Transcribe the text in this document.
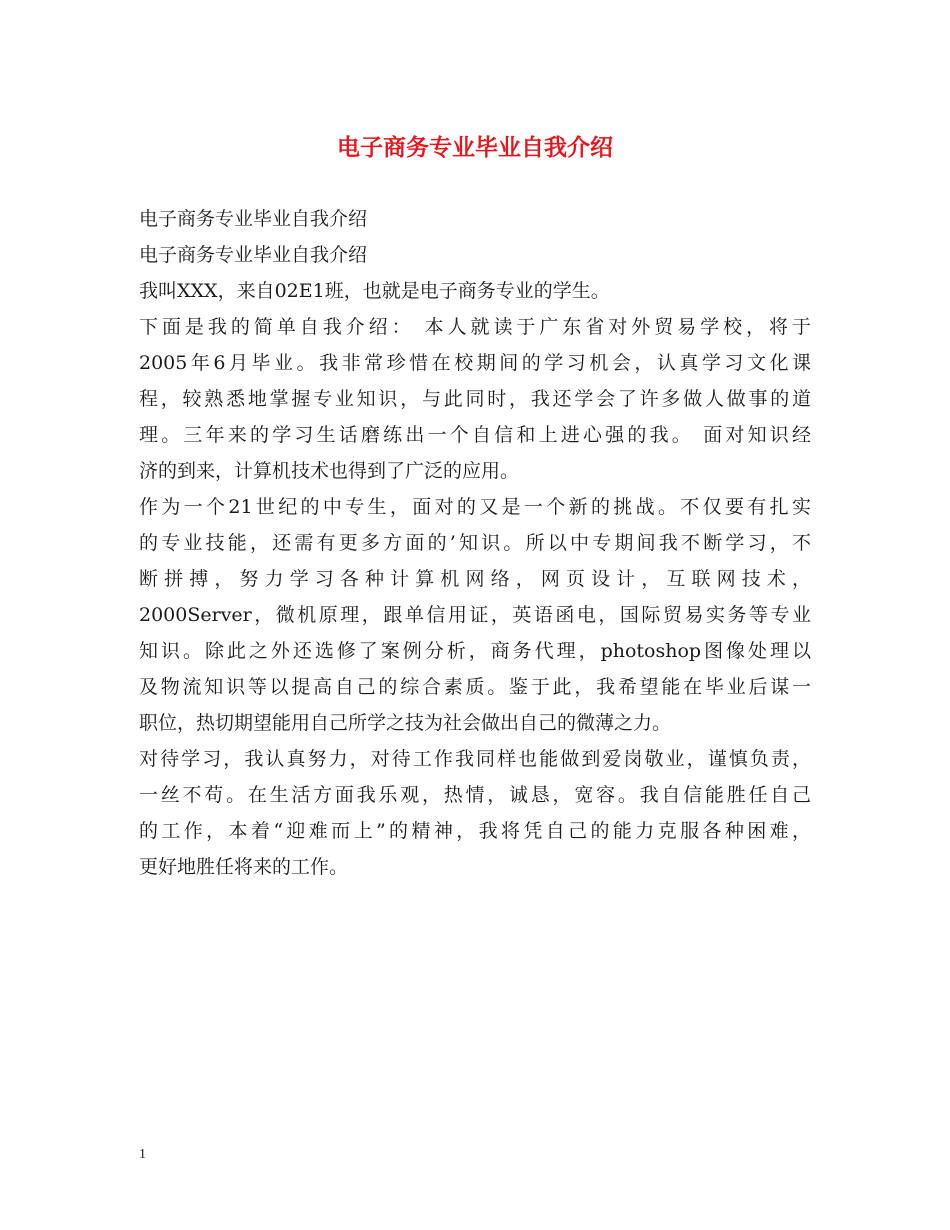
电子商务专业毕业自我介绍
电子商务专业毕业自我介绍
电子商务专业毕业自我介绍
我叫XXX，来自02E1班，也就是电子商务专业的学生。
下面是我的简单自我介绍： 本人就读于广东省对外贸易学校，将于
2005年6月毕业。我非常珍惜在校期间的学习机会，认真学习文化课
程，较熟悉地掌握专业知识，与此同时，我还学会了许多做人做事的道
理。三年来的学习生话磨练出一个自信和上进心强的我。 面对知识经
济的到来，计算机技术也得到了广泛的应用。
作为一个21世纪的中专生，面对的又是一个新的挑战。不仅要有扎实
的专业技能，还需有更多方面的’知识。所以中专期间我不断学习，不
断拼搏，努力学习各种计算机网络，网页设计，互联网技术，
2000Server，微机原理，跟单信用证，英语函电，国际贸易实务等专业
知识。除此之外还选修了案例分析，商务代理，photoshop图像处理以
及物流知识等以提高自己的综合素质。鉴于此，我希望能在毕业后谋一
职位，热切期望能用自己所学之技为社会做出自己的微薄之力。
对待学习，我认真努力，对待工作我同样也能做到爱岗敬业，谨慎负责，
一丝不苟。在生活方面我乐观，热情，诚恳，宽容。我自信能胜任自己
的工作，本着“迎难而上”的精神，我将凭自己的能力克服各种困难，
更好地胜任将来的工作。
1
